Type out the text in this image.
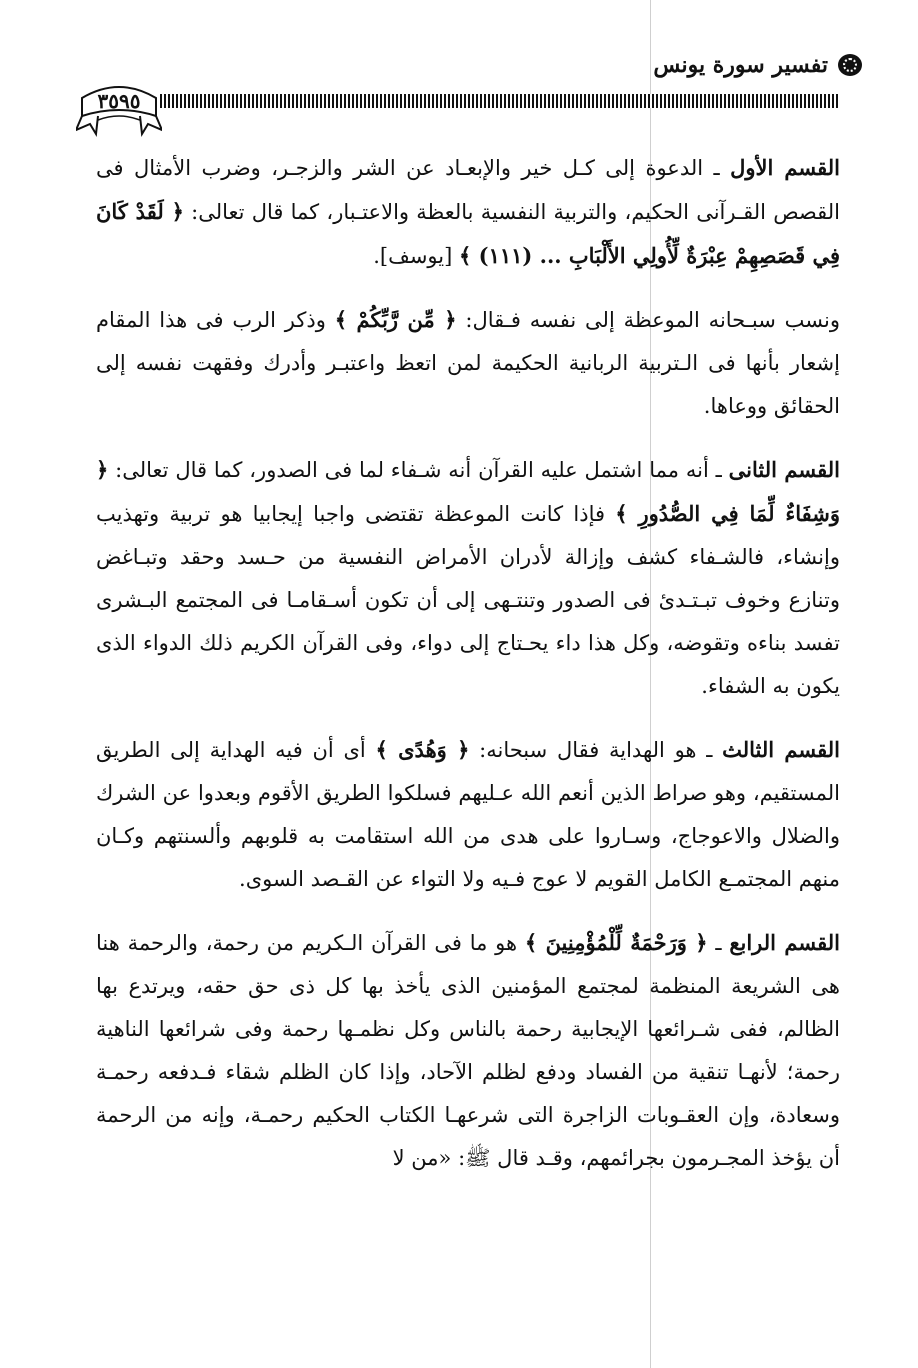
تفسير سورة يونس
٣٥٩٥

القسم الأول ـ الدعوة إلى كـل خير والإبعـاد عن الشر والزجـر، وضرب الأمثال فى القصص القـرآنى الحكيم، والتربية النفسية بالعظة والاعتـبار، كما قال تعالى: ﴿ لَقَدْ كَانَ فِي قَصَصِهِمْ عِبْرَةٌ لِّأُولِي الأَلْبَابِ ... (١١١) ﴾ [يوسف].

ونسب سبـحانه الموعظة إلى نفسه فـقال: ﴿ مِّن رَّبِّكُمْ ﴾ وذكر الرب فى هذا المقام إشعار بأنها فى الـتربية الربانية الحكيمة لمن اتعظ واعتبـر وأدرك وفقهت نفسه إلى الحقائق ووعاها.

القسم الثانى ـ أنه مما اشتمل عليه القرآن أنه شـفاء لما فى الصدور، كما قال تعالى: ﴿ وَشِفَاءٌ لِّمَا فِي الصُّدُورِ ﴾ فإذا كانت الموعظة تقتضى واجبا إيجابيا هو تربية وتهذيب وإنشاء، فالشـفاء كشف وإزالة لأدران الأمراض النفسية من حـسد وحقد وتبـاغض وتنازع وخوف تبـتـدئ فى الصدور وتنتـهى إلى أن تكون أسـقامـا فى المجتمع البـشرى تفسد بناءه وتقوضه، وكل هذا داء يحـتاج إلى دواء، وفى القرآن الكريم ذلك الدواء الذى يكون به الشفاء.

القسم الثالث ـ هو الهداية فقال سبحانه: ﴿ وَهُدًى ﴾ أى أن فيه الهداية إلى الطريق المستقيم، وهو صراط الذين أنعم الله عـليهم فسلكوا الطريق الأقوم وبعدوا عن الشرك والضلال والاعوجاج، وسـاروا على هدى من الله استقامت به قلوبهم وألسنتهم وكـان منهم المجتمـع الكامل القويم لا عوج فـيه ولا التواء عن القـصد السوى.

القسم الرابع ـ ﴿ وَرَحْمَةٌ لِّلْمُؤْمِنِينَ ﴾ هو ما فى القرآن الـكريم من رحمة، والرحمة هنا هى الشريعة المنظمة لمجتمع المؤمنين الذى يأخذ بها كل ذى حق حقه، ويرتدع بها الظالم، ففى شـرائعها الإيجابية رحمة بالناس وكل نظمـها رحمة وفى شرائعها الناهية رحمة؛ لأنهـا تنقية من الفساد ودفع لظلم الآحاد، وإذا كان الظلم شقاء فـدفعه رحمـة وسعادة، وإن العقـوبات الزاجرة التى شرعهـا الكتاب الحكيم رحمـة، وإنه من الرحمة أن يؤخذ المجـرمون بجرائمهم، وقـد قال ﷺ: «من لا
